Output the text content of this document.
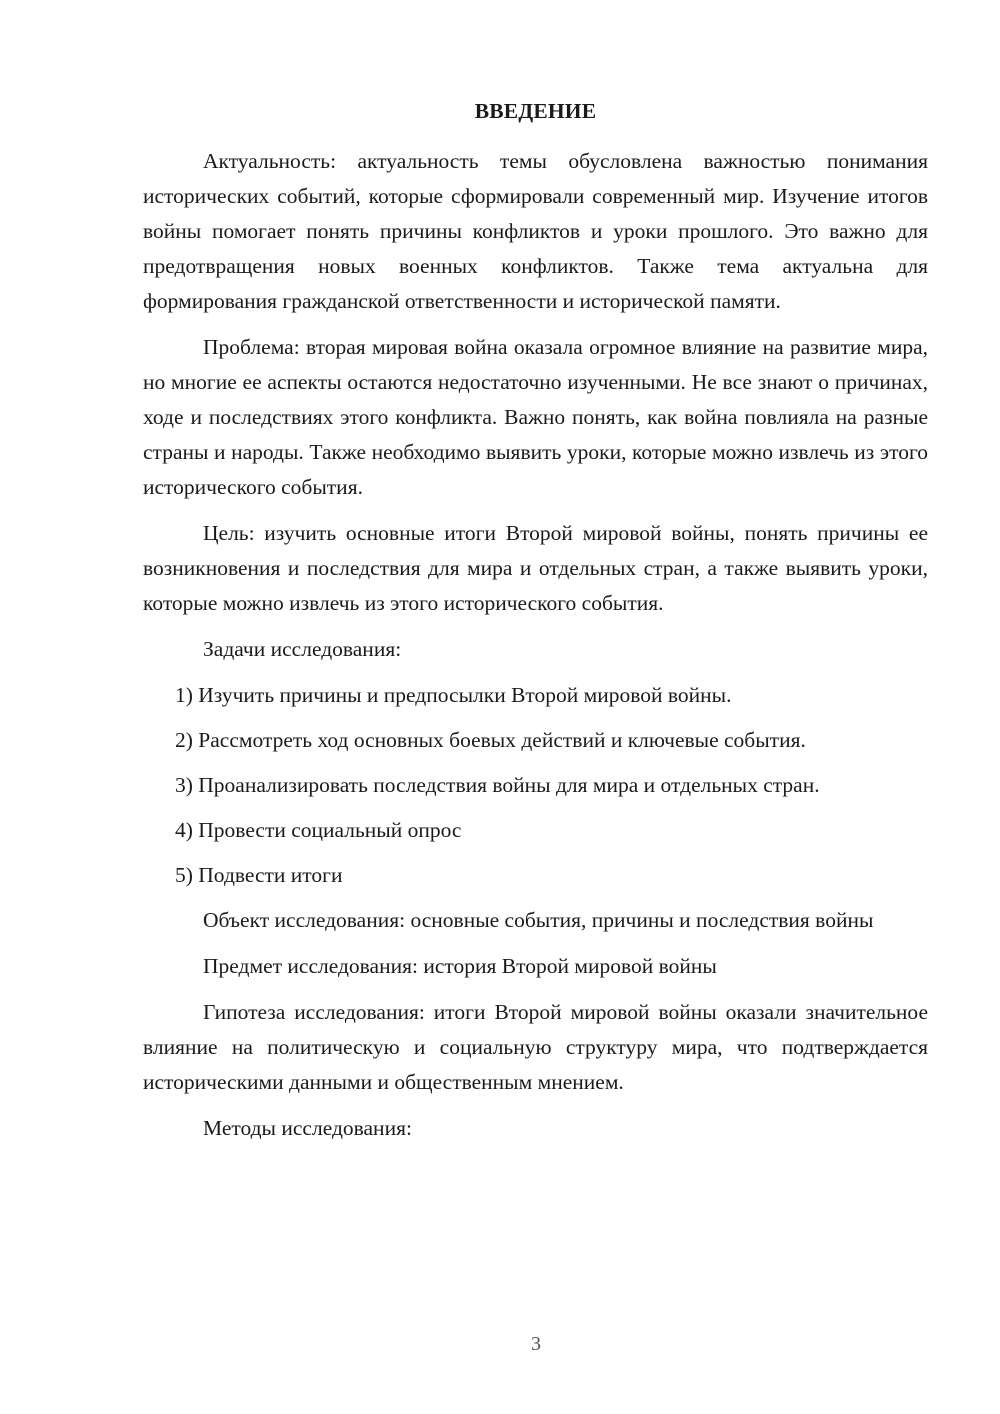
ВВЕДЕНИЕ

Актуальность: актуальность темы обусловлена важностью понимания исторических событий, которые сформировали современный мир. Изучение итогов войны помогает понять причины конфликтов и уроки прошлого. Это важно для предотвращения новых военных конфликтов. Также тема актуальна для формирования гражданской ответственности и исторической памяти.

Проблема: вторая мировая война оказала огромное влияние на развитие мира, но многие ее аспекты остаются недостаточно изученными. Не все знают о причинах, ходе и последствиях этого конфликта. Важно понять, как война повлияла на разные страны и народы. Также необходимо выявить уроки, которые можно извлечь из этого исторического события.

Цель: изучить основные итоги Второй мировой войны, понять причины ее возникновения и последствия для мира и отдельных стран, а также выявить уроки, которые можно извлечь из этого исторического события.

Задачи исследования:

1) Изучить причины и предпосылки Второй мировой войны.

2) Рассмотреть ход основных боевых действий и ключевые события.

3) Проанализировать последствия войны для мира и отдельных стран.

4) Провести социальный опрос

5) Подвести итоги

Объект исследования: основные события, причины и последствия войны

Предмет исследования: история Второй мировой войны

Гипотеза исследования: итоги Второй мировой войны оказали значительное влияние на политическую и социальную структуру мира, что подтверждается историческими данными и общественным мнением.

Методы исследования:

3
